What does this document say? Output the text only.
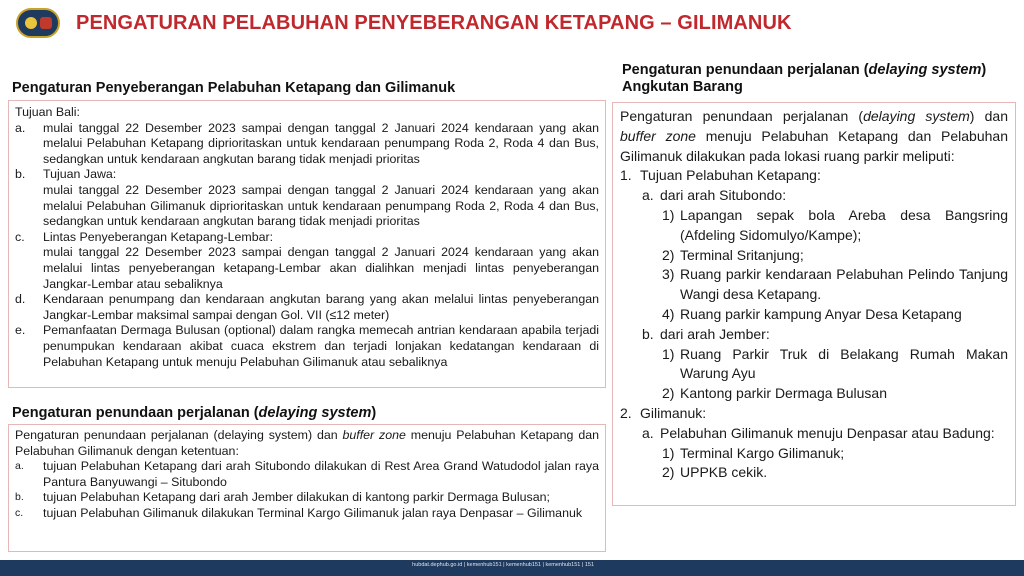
PENGATURAN PELABUHAN PENYEBERANGAN KETAPANG – GILIMANUK
Pengaturan Penyeberangan Pelabuhan Ketapang dan Gilimanuk
Tujuan Bali:
a.	mulai tanggal 22 Desember 2023 sampai dengan tanggal 2 Januari 2024 kendaraan yang akan melalui Pelabuhan Ketapang diprioritaskan untuk kendaraan penumpang Roda 2, Roda 4 dan Bus, sedangkan untuk kendaraan angkutan barang tidak menjadi prioritas
b.	Tujuan Jawa:
mulai tanggal 22 Desember 2023 sampai dengan tanggal 2 Januari 2024 kendaraan yang akan melalui Pelabuhan Gilimanuk diprioritaskan untuk kendaraan penumpang Roda 2, Roda 4 dan Bus, sedangkan untuk kendaraan angkutan barang tidak menjadi prioritas
c.	Lintas Penyeberangan Ketapang-Lembar:
mulai tanggal 22 Desember 2023 sampai dengan tanggal 2 Januari 2024 kendaraan yang akan melalui lintas penyeberangan ketapang-Lembar akan dialihkan menjadi lintas penyeberangan Jangkar-Lembar atau sebaliknya
d.	Kendaraan penumpang dan kendaraan angkutan barang yang akan melalui lintas penyeberangan Jangkar-Lembar maksimal sampai dengan Gol. VII (≤12 meter)
e.	Pemanfaatan Dermaga Bulusan (optional) dalam rangka memecah antrian kendaraan apabila terjadi penumpukan kendaraan akibat cuaca ekstrem dan terjadi lonjakan kedatangan kendaraan di Pelabuhan Ketapang untuk menuju Pelabuhan Gilimanuk atau sebaliknya
Pengaturan penundaan perjalanan (delaying system)
Pengaturan penundaan perjalanan (delaying system) dan buffer zone menuju Pelabuhan Ketapang dan Pelabuhan Gilimanuk dengan ketentuan:
a.	tujuan Pelabuhan Ketapang dari arah Situbondo dilakukan di Rest Area Grand Watudodol jalan raya Pantura Banyuwangi – Situbondo
b.	tujuan Pelabuhan Ketapang dari arah Jember dilakukan di kantong parkir Dermaga Bulusan;
c.	tujuan Pelabuhan Gilimanuk dilakukan Terminal Kargo Gilimanuk jalan raya Denpasar – Gilimanuk
Pengaturan penundaan perjalanan (delaying system) Angkutan Barang
Pengaturan penundaan perjalanan (delaying system) dan buffer zone menuju Pelabuhan Ketapang dan Pelabuhan Gilimanuk dilakukan pada lokasi ruang parkir meliputi:
1. Tujuan Pelabuhan Ketapang:
a. dari arah Situbondo:
1) Lapangan sepak bola Areba desa Bangsring (Afdeling Sidomulyo/Kampe);
2) Terminal Sritanjung;
3) Ruang parkir kendaraan Pelabuhan Pelindo Tanjung Wangi desa Ketapang.
4) Ruang parkir kampung Anyar Desa Ketapang
b. dari arah Jember:
1) Ruang Parkir Truk di Belakang Rumah Makan Warung Ayu
2) Kantong parkir Dermaga Bulusan
2. Gilimanuk:
a. Pelabuhan Gilimanuk menuju Denpasar atau Badung:
1) Terminal Kargo Gilimanuk;
2) UPPKB cekik.
hubdat.dephub.go.id | kemenhub151 | kemenhub151 | kemenhub151 | 151
